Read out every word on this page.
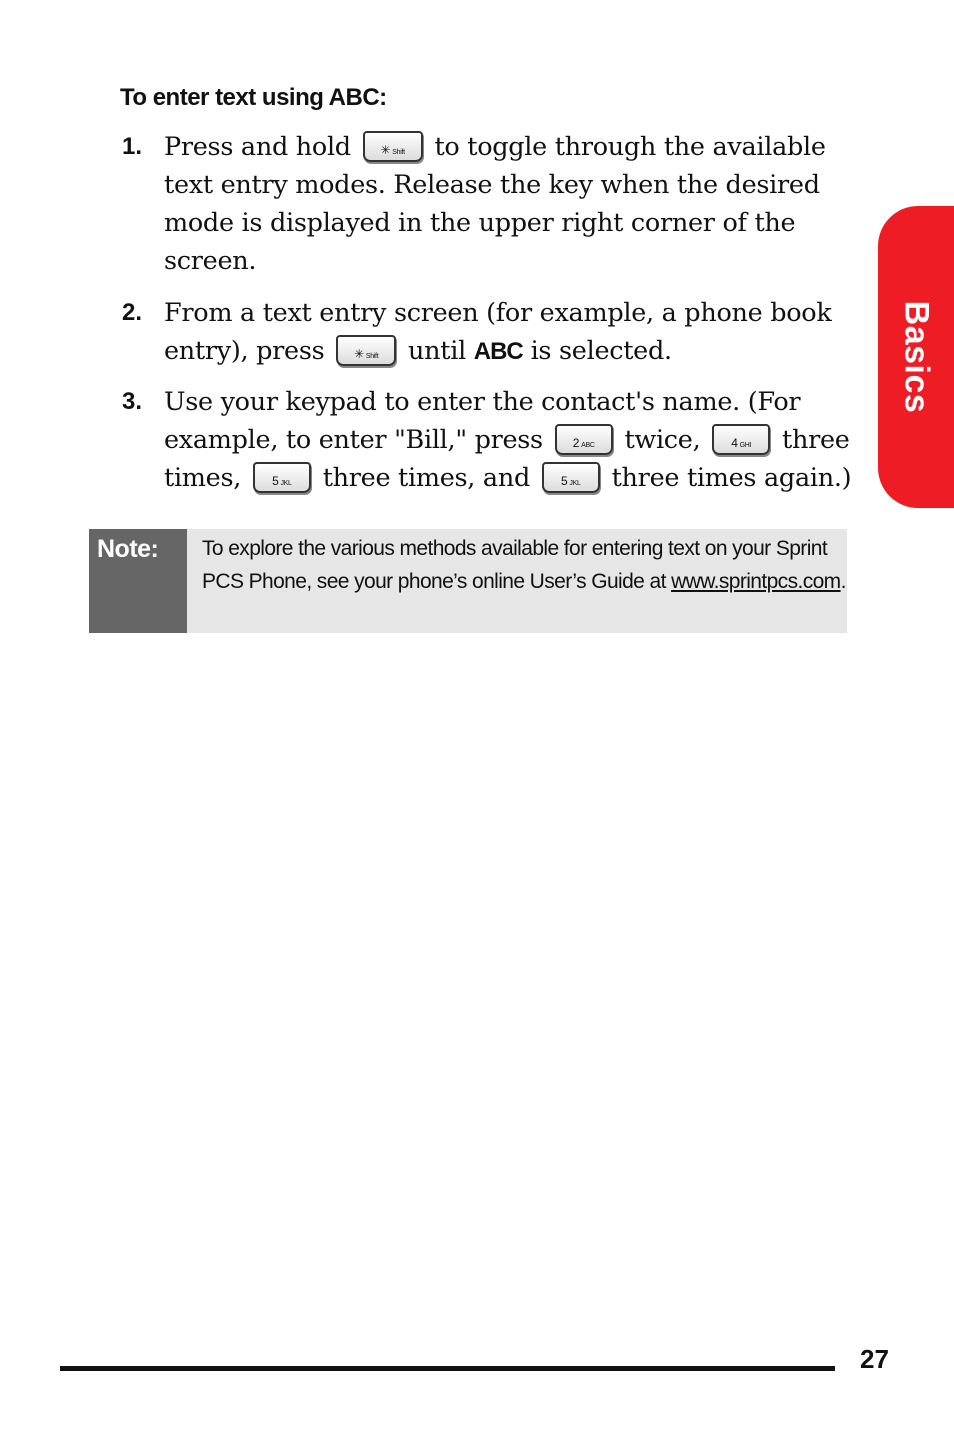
To enter text using ABC:
1. Press and hold ✳ Shift to toggle through the available text entry modes. Release the key when the desired mode is displayed in the upper right corner of the screen.
2. From a text entry screen (for example, a phone book entry), press ✳ Shift until ABC is selected.
3. Use your keypad to enter the contact's name. (For example, to enter "Bill," press 2 ABC twice,	4 GHI three times,	5 JKL three times, and	5 JKL three times again.)
Note: To explore the various methods available for entering text on your Sprint PCS Phone, see your phone’s online User’s Guide at www.sprintpcs.com.
Basics
27
